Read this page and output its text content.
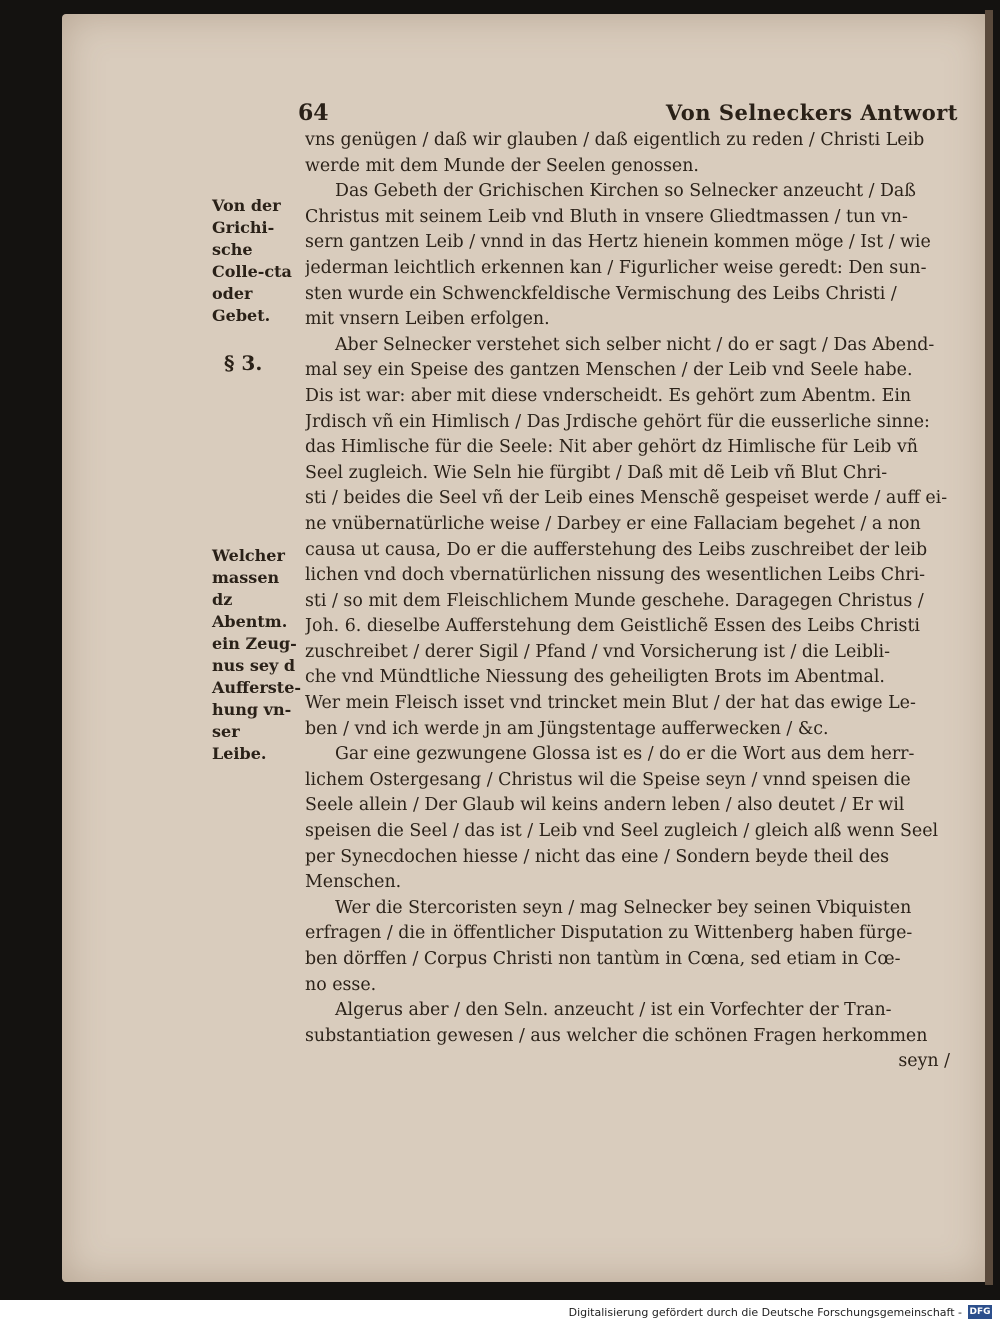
64	Von Selneckers Antwort
Von der Grichi-sche Colle-cta oder Gebet.
§ 3.
Welcher massen dz Abentm. ein Zeug-nus sey d Aufferste-hung vn-ser Leibe.
vns genügen / daß wir glauben / daß eigentlich zu reden / Christi Leib
werde mit dem Munde der Seelen genossen.
Das Gebeth der Grichischen Kirchen so Selnecker anzeucht / Daß
Christus mit seinem Leib vnd Bluth in vnsere Gliedtmassen / tun vn-
sern gantzen Leib / vnnd in das Hertz hienein kommen möge / Ist / wie
jederman leichtlich erkennen kan / Figurlicher weise geredt: Den sun-
sten wurde ein Schwenckfeldische Vermischung des Leibs Christi /
mit vnsern Leiben erfolgen.
Aber Selnecker verstehet sich selber nicht / do er sagt / Das Abend-
mal sey ein Speise des gantzen Menschen / der Leib vnd Seele habe.
Dis ist war: aber mit diese vnderscheidt. Es gehört zum Abentm. Ein
Jrdisch vñ ein Himlisch / Das Jrdische gehört für die eusserliche sinne:
das Himlische für die Seele: Nit aber gehört dz Himlische für Leib vñ
Seel zugleich. Wie Seln hie fürgibt / Daß mit dẽ Leib vñ Blut Chri-
sti / beides die Seel vñ der Leib eines Menschẽ gespeiset werde / auff ei-
ne vnübernatürliche weise / Darbey er eine Fallaciam begehet / a non
causa ut causa, Do er die aufferstehung des Leibs zuschreibet der leib
lichen vnd doch vbernatürlichen nissung des wesentlichen Leibs Chri-
sti / so mit dem Fleischlichem Munde geschehe. Daragegen Christus /
Joh. 6. dieselbe Aufferstehung dem Geistlichẽ Essen des Leibs Christi
zuschreibet / derer Sigil / Pfand / vnd Vorsicherung ist / die Leibli-
che vnd Mündtliche Niessung des geheiligten Brots im Abentmal.
Wer mein Fleisch isset vnd trincket mein Blut / der hat das ewige Le-
ben / vnd ich werde jn am Jüngstentage aufferwecken / &c.
Gar eine gezwungene Glossa ist es / do er die Wort aus dem herr-
lichem Ostergesang / Christus wil die Speise seyn / vnnd speisen die
Seele allein / Der Glaub wil keins andern leben / also deutet / Er wil
speisen die Seel / das ist / Leib vnd Seel zugleich / gleich alß wenn Seel
per Synecdochen hiesse / nicht das eine / Sondern beyde theil des
Menschen.
Wer die Stercoristen seyn / mag Selnecker bey seinen Vbiquisten
erfragen / die in öffentlicher Disputation zu Wittenberg haben fürge-
ben dörffen / Corpus Christi non tantùm in Cœna, sed etiam in Cœ-
no esse.
Algerus aber / den Seln. anzeucht / ist ein Vorfechter der Tran-
substantiation gewesen / aus welcher die schönen Fragen herkommen
seyn /
Digitalisierung gefördert durch die Deutsche Forschungsgemeinschaft - DFG
